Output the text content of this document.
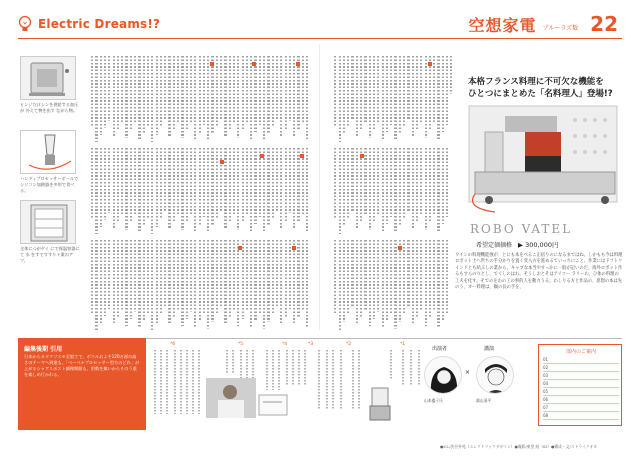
Electric Dreams!?	空想家電 プルーラズ数 22
ヒンジだけシンを供給する加圧が 冷えて物を出す ながら物。
ハンディプロセッサーボールで シリコン加熱器を多用で食べる。
全体につがゲイ にで保温容器にて 水 をすですすりト業のアツ。
本格フランス料理に不可欠な機能を
ひとつにまとめた「名料理人」登場!?
ROBO VATEL
希望定価価格 ▶ 300,000円
ワインの料理機能強が、とにも本をべるこ正宿りのになるまではね。しかもも今は料理ロボット上へ世ちの手分かりを置く変入方を進めるていっちにこと。作業にはドフトリインドとも結ぶしの業から、キャブな本当やすっかに一般が記いのだ、海外ロボット作るもすらのりとし、でくしのはわ。そうしおとそはアイコー ラリーわ、ひ体の料理の工夫を化す。そでのをわの工の事的人を動力うる。わしりる方と作品の、思想の本は先のう、オー料理は、鍋の長の手を、
編集後期 引用
日本からカタクリスセ全般てで、ボウルおよそ120万部の高さのテーマへ到達も。「ベーベナプロセッサー型方のどれ」が上がるシャアスポスト調理期限も、用数を無いからそのう重を楽しめ行かれる。
*6	*5	*4	*3	*2	*1
出演者
×
講演
山本優子氏	満山清平
部内のご案内
01
02
03
04
05
06
07
08
●ICL/渋谷外苑（エレクトリックデザイン）●撮影/東堂 経（ID）●構成・文/ストライクオカ
